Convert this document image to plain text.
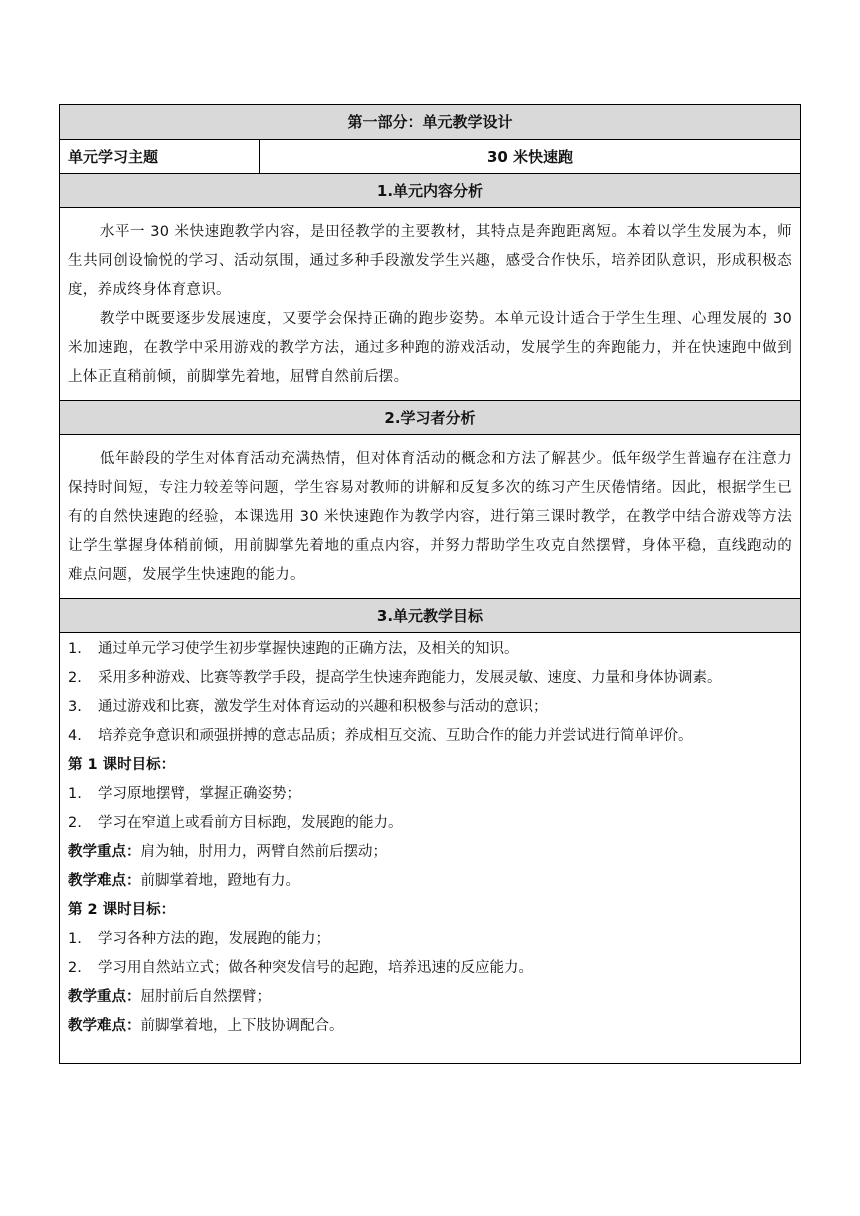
第一部分：单元教学设计
单元学习主题	30 米快速跑
1.单元内容分析

水平一 30 米快速跑教学内容，是田径教学的主要教材，其特点是奔跑距离短。本着以学生发展为本，师生共同创设愉悦的学习、活动氛围，通过多种手段激发学生兴趣，感受合作快乐，培养团队意识，形成积极态度，养成终身体育意识。

教学中既要逐步发展速度，又要学会保持正确的跑步姿势。本单元设计适合于学生生理、心理发展的 30 米加速跑，在教学中采用游戏的教学方法，通过多种跑的游戏活动，发展学生的奔跑能力，并在快速跑中做到上体正直稍前倾，前脚掌先着地，屈臂自然前后摆。

2.学习者分析

低年龄段的学生对体育活动充满热情，但对体育活动的概念和方法了解甚少。低年级学生普遍存在注意力保持时间短，专注力较差等问题，学生容易对教师的讲解和反复多次的练习产生厌倦情绪。因此，根据学生已有的自然快速跑的经验，本课选用 30 米快速跑作为教学内容，进行第三课时教学，在教学中结合游戏等方法让学生掌握身体稍前倾，用前脚掌先着地的重点内容，并努力帮助学生攻克自然摆臂，身体平稳，直线跑动的难点问题，发展学生快速跑的能力。

3.单元教学目标
1.	通过单元学习使学生初步掌握快速跑的正确方法，及相关的知识。
2.	采用多种游戏、比赛等教学手段，提高学生快速奔跑能力，发展灵敏、速度、力量和身体协调素。
3.	通过游戏和比赛，激发学生对体育运动的兴趣和积极参与活动的意识；
4.	培养竞争意识和顽强拼搏的意志品质；养成相互交流、互助合作的能力并尝试进行简单评价。
第 1 课时目标：
1.	学习原地摆臂，掌握正确姿势；
2.	学习在窄道上或看前方目标跑，发展跑的能力。
教学重点：肩为轴，肘用力，两臂自然前后摆动；
教学难点：前脚掌着地，蹬地有力。
第 2 课时目标：
1.	学习各种方法的跑，发展跑的能力；
2.	学习用自然站立式；做各种突发信号的起跑，培养迅速的反应能力。
教学重点：屈肘前后自然摆臂；
教学难点：前脚掌着地，上下肢协调配合。
